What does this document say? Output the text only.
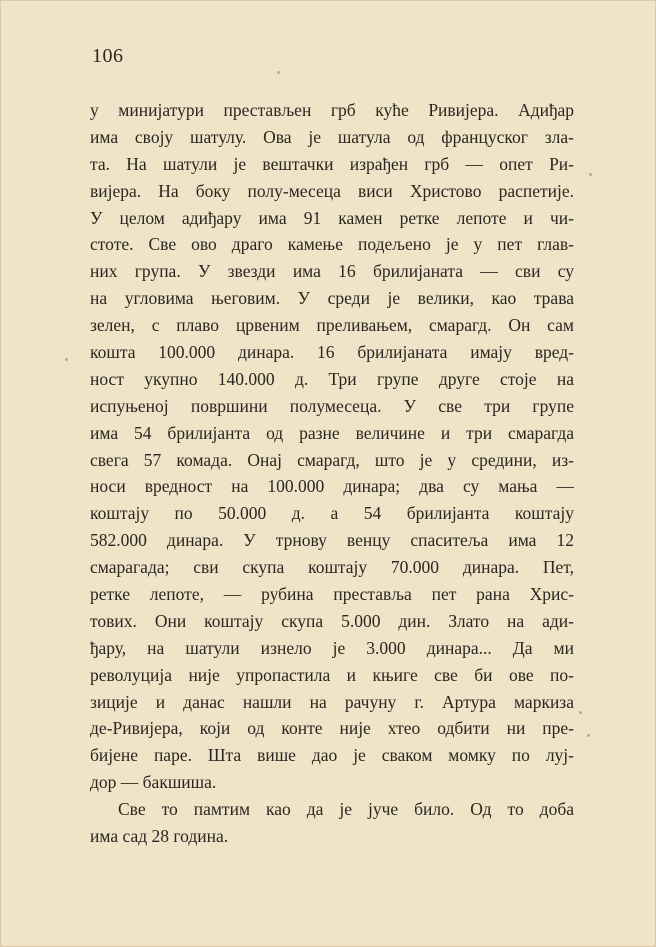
106
у минијатури престављен грб куће Ривијера. Адиђар
има своју шатулу. Ова је шатула од француског зла-
та. На шатули је вештачки израђен грб — опет Ри-
вијера. На боку полу-месеца виси Христово распетије.
У целом адиђару има 91 камен ретке лепоте и чи-
стоте. Све ово драго камење подељено је у пет глав-
них група. У звезди има 16 брилијаната — сви су
на угловима његовим. У среди је велики, као трава
зелен, с плаво црвеним преливањем, смарагд. Он сам
кошта 100.000 динара. 16 брилијаната имају вред-
ност укупно 140.000 д. Три групе друге стоје на
испуњеној површини полумесеца. У све три групе
има 54 брилијанта од разне величине и три смарагда
свега 57 комада. Онај смарагд, што је у средини, из-
носи вредност на 100.000 динара; два су мања —
коштају по 50.000 д. а 54 брилијанта коштају
582.000 динара. У трнову венцу спаситеља има 12
смарагада; сви скупа коштају 70.000 динара. Пет,
ретке лепоте, — рубина преставља пет рана Хрис-
тових. Они коштају скупа 5.000 дин. Злато на ади-
ђару, на шатули изнело је 3.000 динара... Да ми
револуција није упропастила и књиге све би ове по-
зиције и данас нашли на рачуну г. Артура маркиза
де-Ривијера, који од конте није хтео одбити ни пре-
бијене паре. Шта више дао је сваком момку по луј-
дор — бакшиша.
Све то памтим као да је јуче било. Од то доба
има сад 28 година.
